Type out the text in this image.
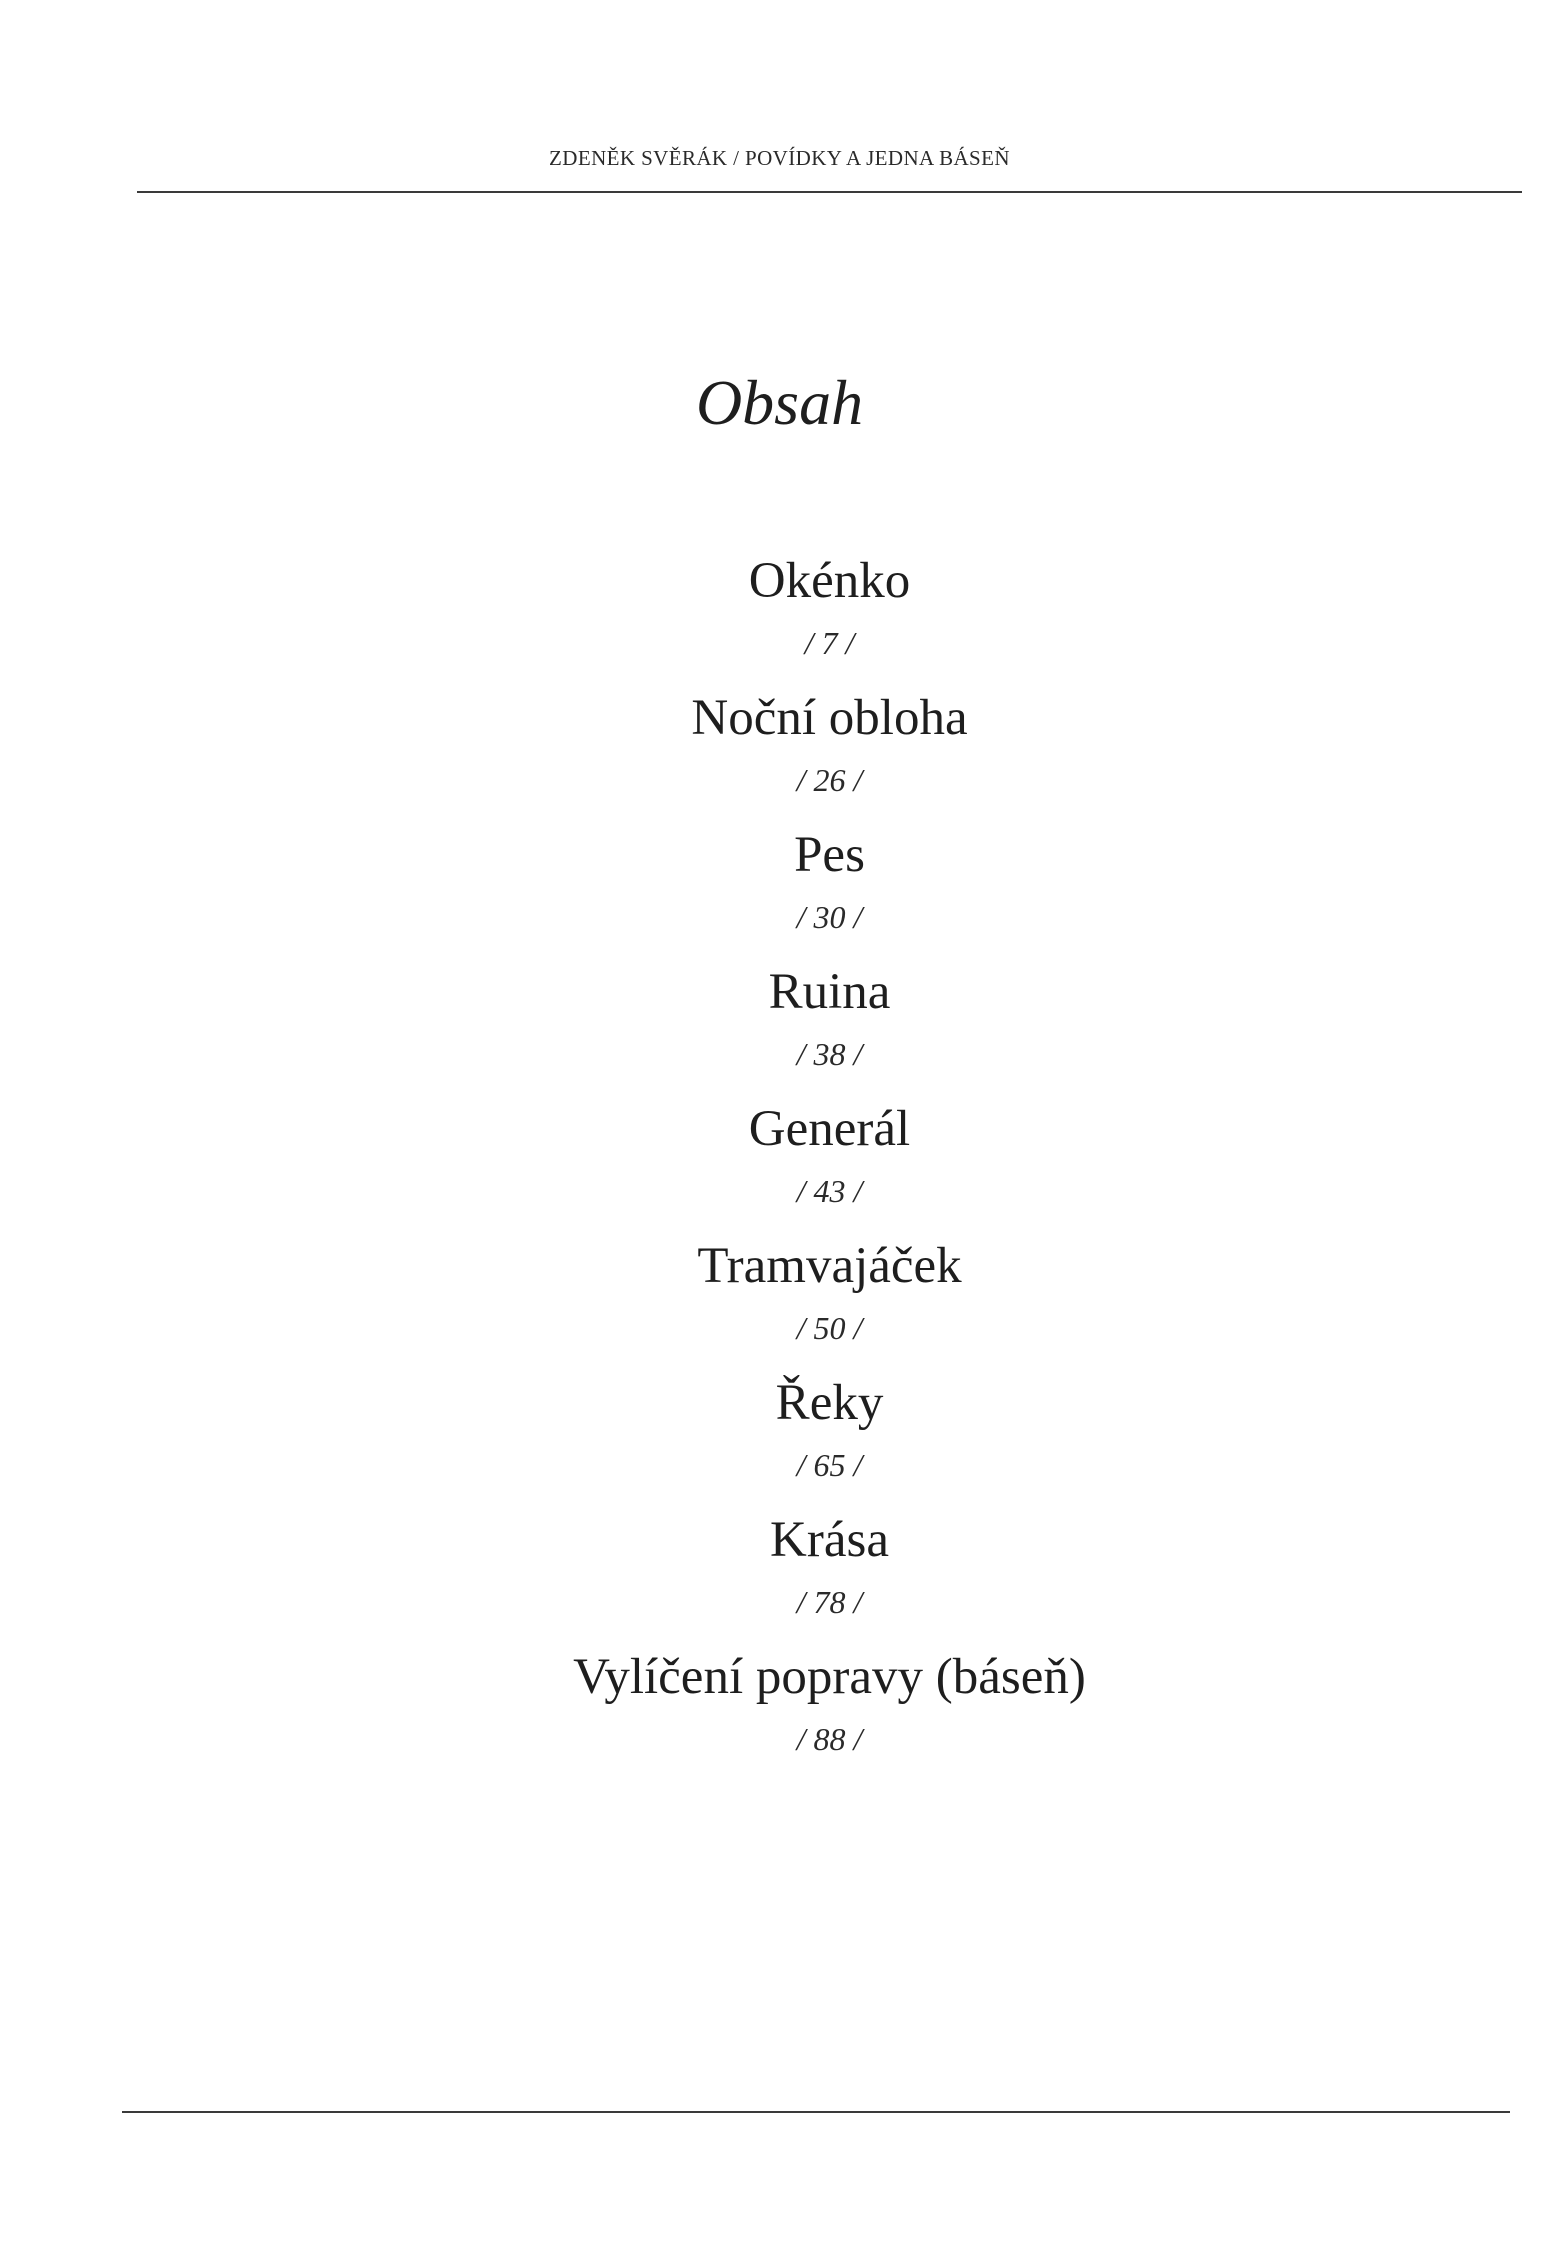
ZDENĚK SVĚRÁK / POVÍDKY A JEDNA BÁSEŇ
Obsah
Okénko
/ 7 /
Noční obloha
/ 26 /
Pes
/ 30 /
Ruina
/ 38 /
Generál
/ 43 /
Tramvajáček
/ 50 /
Řeky
/ 65 /
Krása
/ 78 /
Vylíčení popravy (báseň)
/ 88 /
